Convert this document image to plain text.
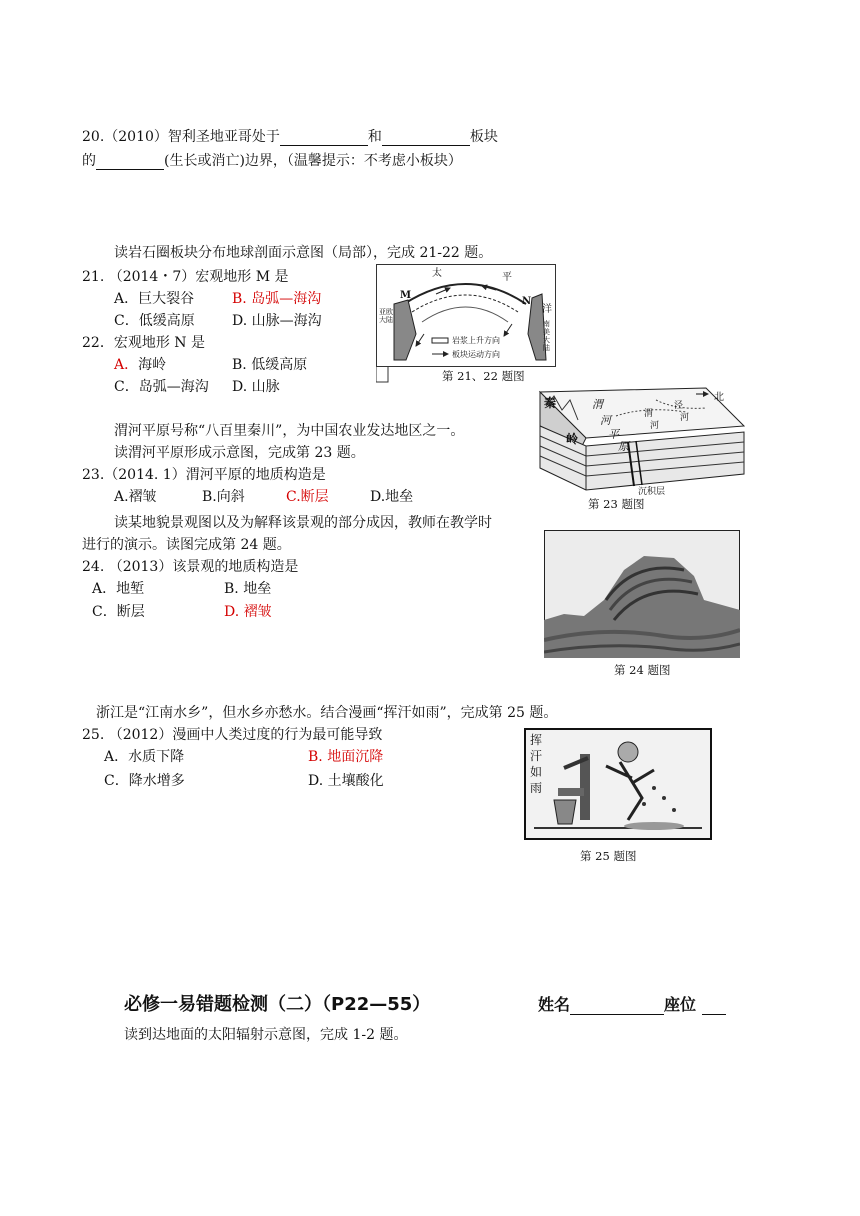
20.（2010）智利圣地亚哥处于	和	板块
的	(生长或消亡)边界，（温馨提示：不考虑小板块）
读岩石圈板块分布地球剖面示意图（局部），完成 21-22 题。
21. （2014・7）宏观地形 M 是
A．巨大裂谷	B. 岛弧—海沟
C．低缓高原	D. 山脉—海沟
22．宏观地形 N 是
A．海岭	B. 低缓高原
C．岛弧—海沟 D. 山脉
太	平
洋
M
N
亚欧大陆	南美大陆
岩浆上升方向
板块运动方向
第 21、22 题图
渭河平原号称“八百里秦川”，为中国农业发达地区之一。
读渭河平原形成示意图，完成第 23 题。
23.（2014. 1）渭河平原的地质构造是
A.褶皱	B.向斜	C.断层	D.地垒
北
秦
岭
渭
河
平
原
渭
河
泾
河
沉积层
第 23 题图
读某地貌景观图以及为解释该景观的部分成因，教师在教学时
进行的演示。读图完成第 24 题。
24. （2013）该景观的地质构造是
A．地堑	B. 地垒
C．断层	D. 褶皱
第 24 题图
浙江是“江南水乡”，但水乡亦愁水。结合漫画“挥汗如雨”，完成第 25 题。
25. （2012）漫画中人类过度的行为最可能导致
A．水质下降	B. 地面沉降
C．降水增多	D. 土壤酸化
挥汗如雨
第 25 题图
必修一易错题检测（二）（P22—55）	姓名	座位
读到达地面的太阳辐射示意图，完成 1-2 题。
